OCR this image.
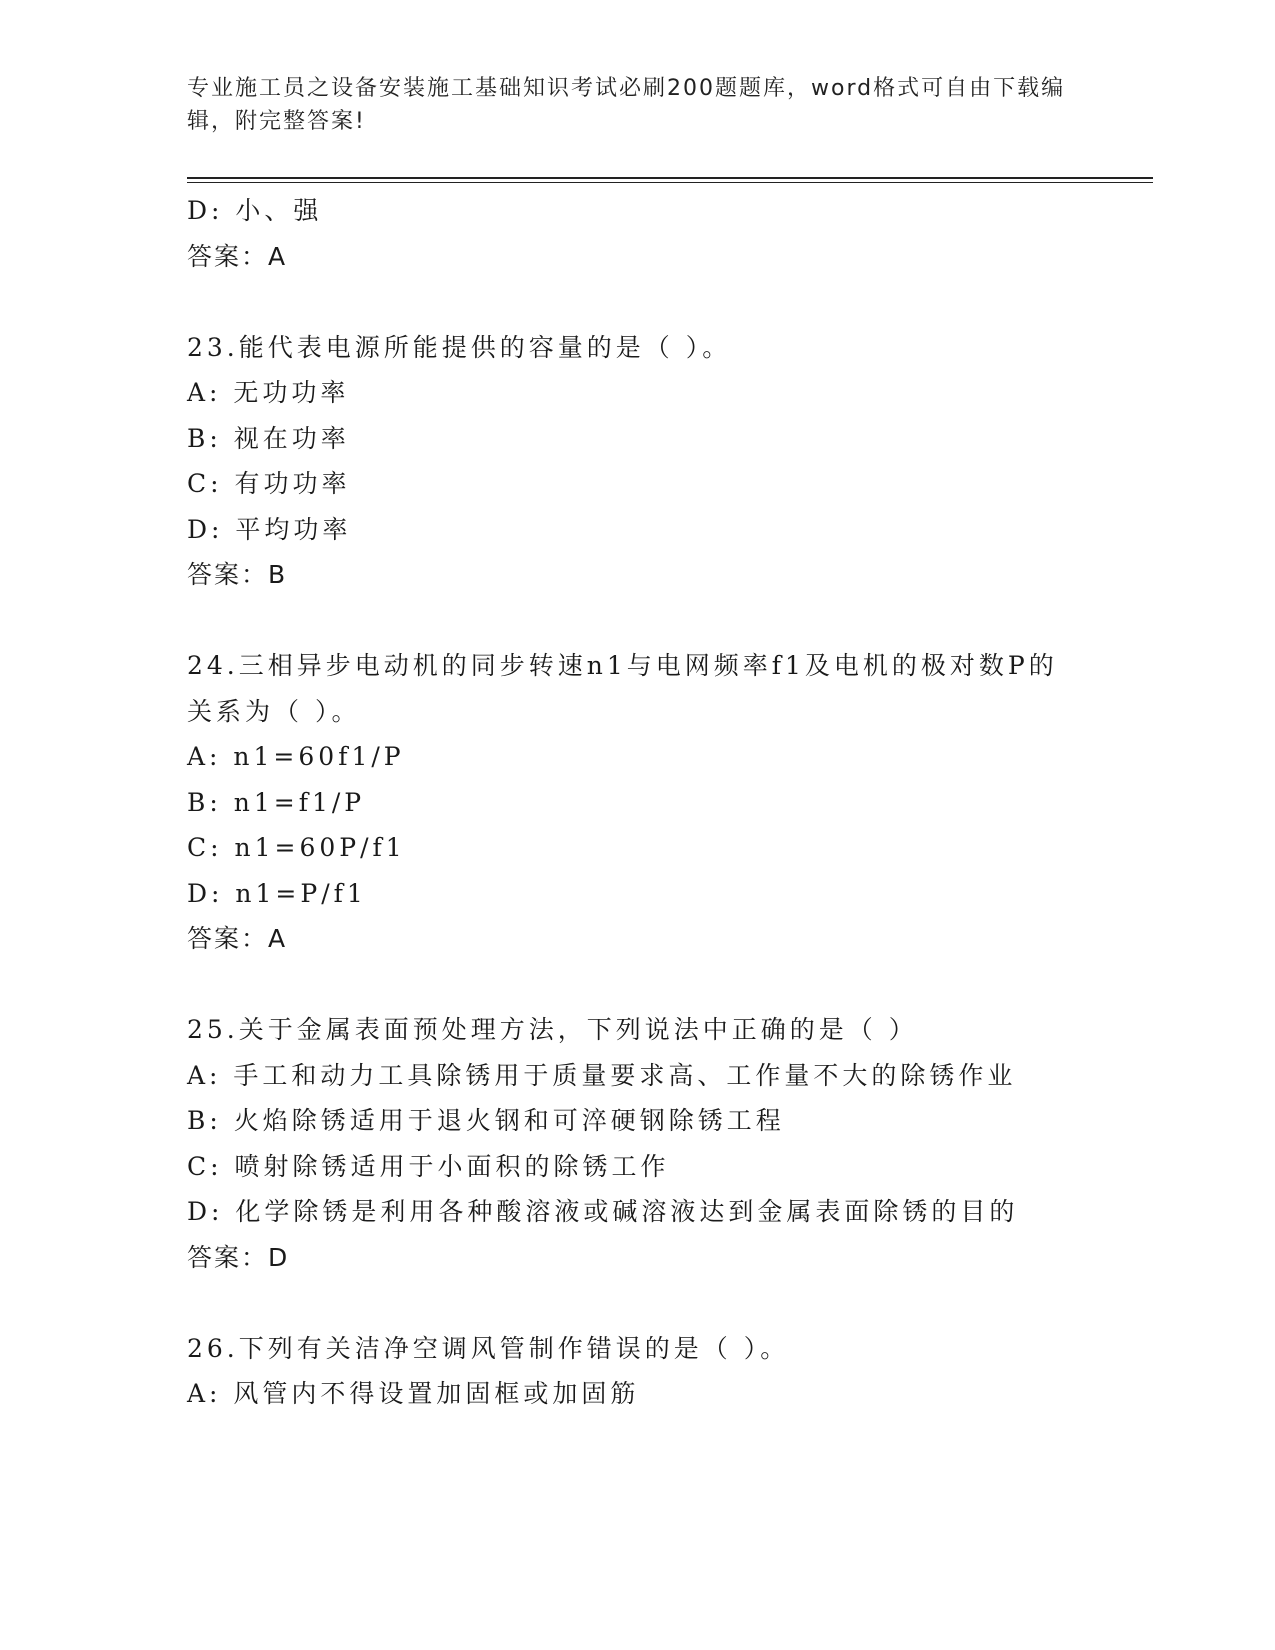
专业施工员之设备安装施工基础知识考试必刷200题题库，word格式可自由下载编辑，附完整答案!
D: 小、强
答案：A
23.能代表电源所能提供的容量的是（ ）。
A: 无功功率
B: 视在功率
C: 有功功率
D: 平均功率
答案：B
24.三相异步电动机的同步转速n1与电网频率f1及电机的极对数P的关系为（ ）。
A: n1=60f1/P
B: n1=f1/P
C: n1=60P/f1
D: n1=P/f1
答案：A
25.关于金属表面预处理方法，下列说法中正确的是（ ）
A: 手工和动力工具除锈用于质量要求高、工作量不大的除锈作业
B: 火焰除锈适用于退火钢和可淬硬钢除锈工程
C: 喷射除锈适用于小面积的除锈工作
D: 化学除锈是利用各种酸溶液或碱溶液达到金属表面除锈的目的
答案：D
26.下列有关洁净空调风管制作错误的是（ ）。
A: 风管内不得设置加固框或加固筋
